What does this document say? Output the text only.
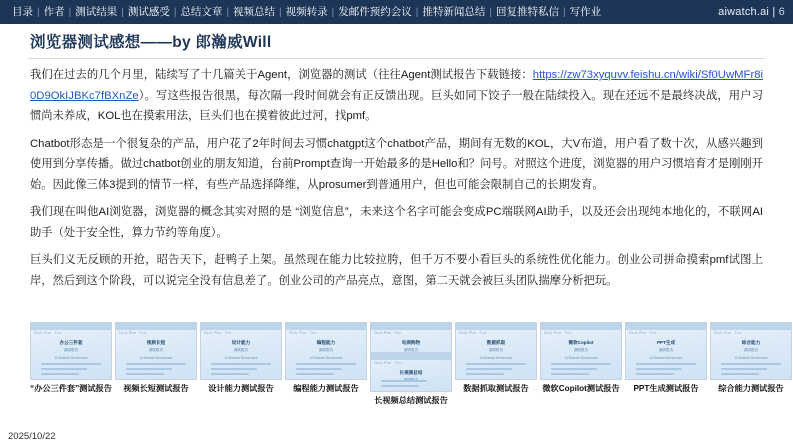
目录 | 作者 | 测试结果 | 测试感受 | 总结文章 | 视频总结 | 视频转录 | 发邮件预约会议 | 推特新闻总结 | 回复推特私信 | 写作业	aiwatch.ai | 6
浏览器测试感想——by 郎瀚威Will

我们在过去的几个月里，陆续写了十几篇关于Agent，浏览器的测试（往往Agent测试报告下载链接：https://zw73xyquvv.feishu.cn/wiki/Sf0UwMFr8i0D9OkIJBKc7fBXnZe）。写这些报告很黑，每次隔一段时间就会有正反馈出现。巨头如同下饺子一般在陆续投入。现在还远不是最终决战，用户习惯尚未养成，KOL也在摸索用法，巨头们也在摸着彼此过河，找pmf。

Chatbot形态是一个很复杂的产品，用户花了2年时间去习惯chatgpt这个chatbot产品，期间有无数的KOL，大V布道，用户看了数十次，从感兴趣到使用到分享传播。做过chatbot创业的朋友知道，台前Prompt查询一开始最多的是Hello和？问号。对照这个进度，浏览器的用户习惯培育才是刚刚开始。因此像三体3提到的情节一样，有些产品选择降维，从prosumer到普通用户，但也可能会限制自己的长期发育。

我们现在叫他AI浏览器，浏览器的概念其实对照的是 “浏览信息”，未来这个名字可能会变成PC端联网AI助手，以及还会出现纯本地化的，不联网AI助手（处于安全性，算力节约等角度）。

巨头们义无反顾的开抢，昭告天下，赶鸭子上架。虽然现在能力比较拉胯，但千万不要小看巨头的系统性优化能力。创业公司拼命摸索pmf试图上岸，然后到这个阶段，可以说完全没有信息差了。创业公司的产品亮点，意图，第二天就会被巨头团队揣摩分析把玩。

Daily Plan · Test
办公三件套
测试报告
AI Browser Benchmark
“办公三件套”测试报告
Daily Plan · Test
视频长短
测试报告
AI Browser Benchmark
视频长短测试报告
Daily Plan · Test
设计能力
测试报告
AI Browser Benchmark
设计能力测试报告
Daily Plan · Test
编程能力
测试报告
AI Browser Benchmark
编程能力测试报告
Daily Plan · Test
电商购物
测试报告
Daily Plan · Test
长视频总结
长视频总结测试报告
Daily Plan · Test
数据抓取
测试报告
AI Browser Benchmark
数据抓取测试报告
Daily Plan · Test
微软Copilot
测试报告
AI Browser Benchmark
微软Copilot测试报告
Daily Plan · Test
PPT生成
测试报告
AI Browser Benchmark
PPT生成测试报告
Daily Plan · Test
综合能力
测试报告
AI Browser Benchmark
综合能力测试报告
2025/10/22
